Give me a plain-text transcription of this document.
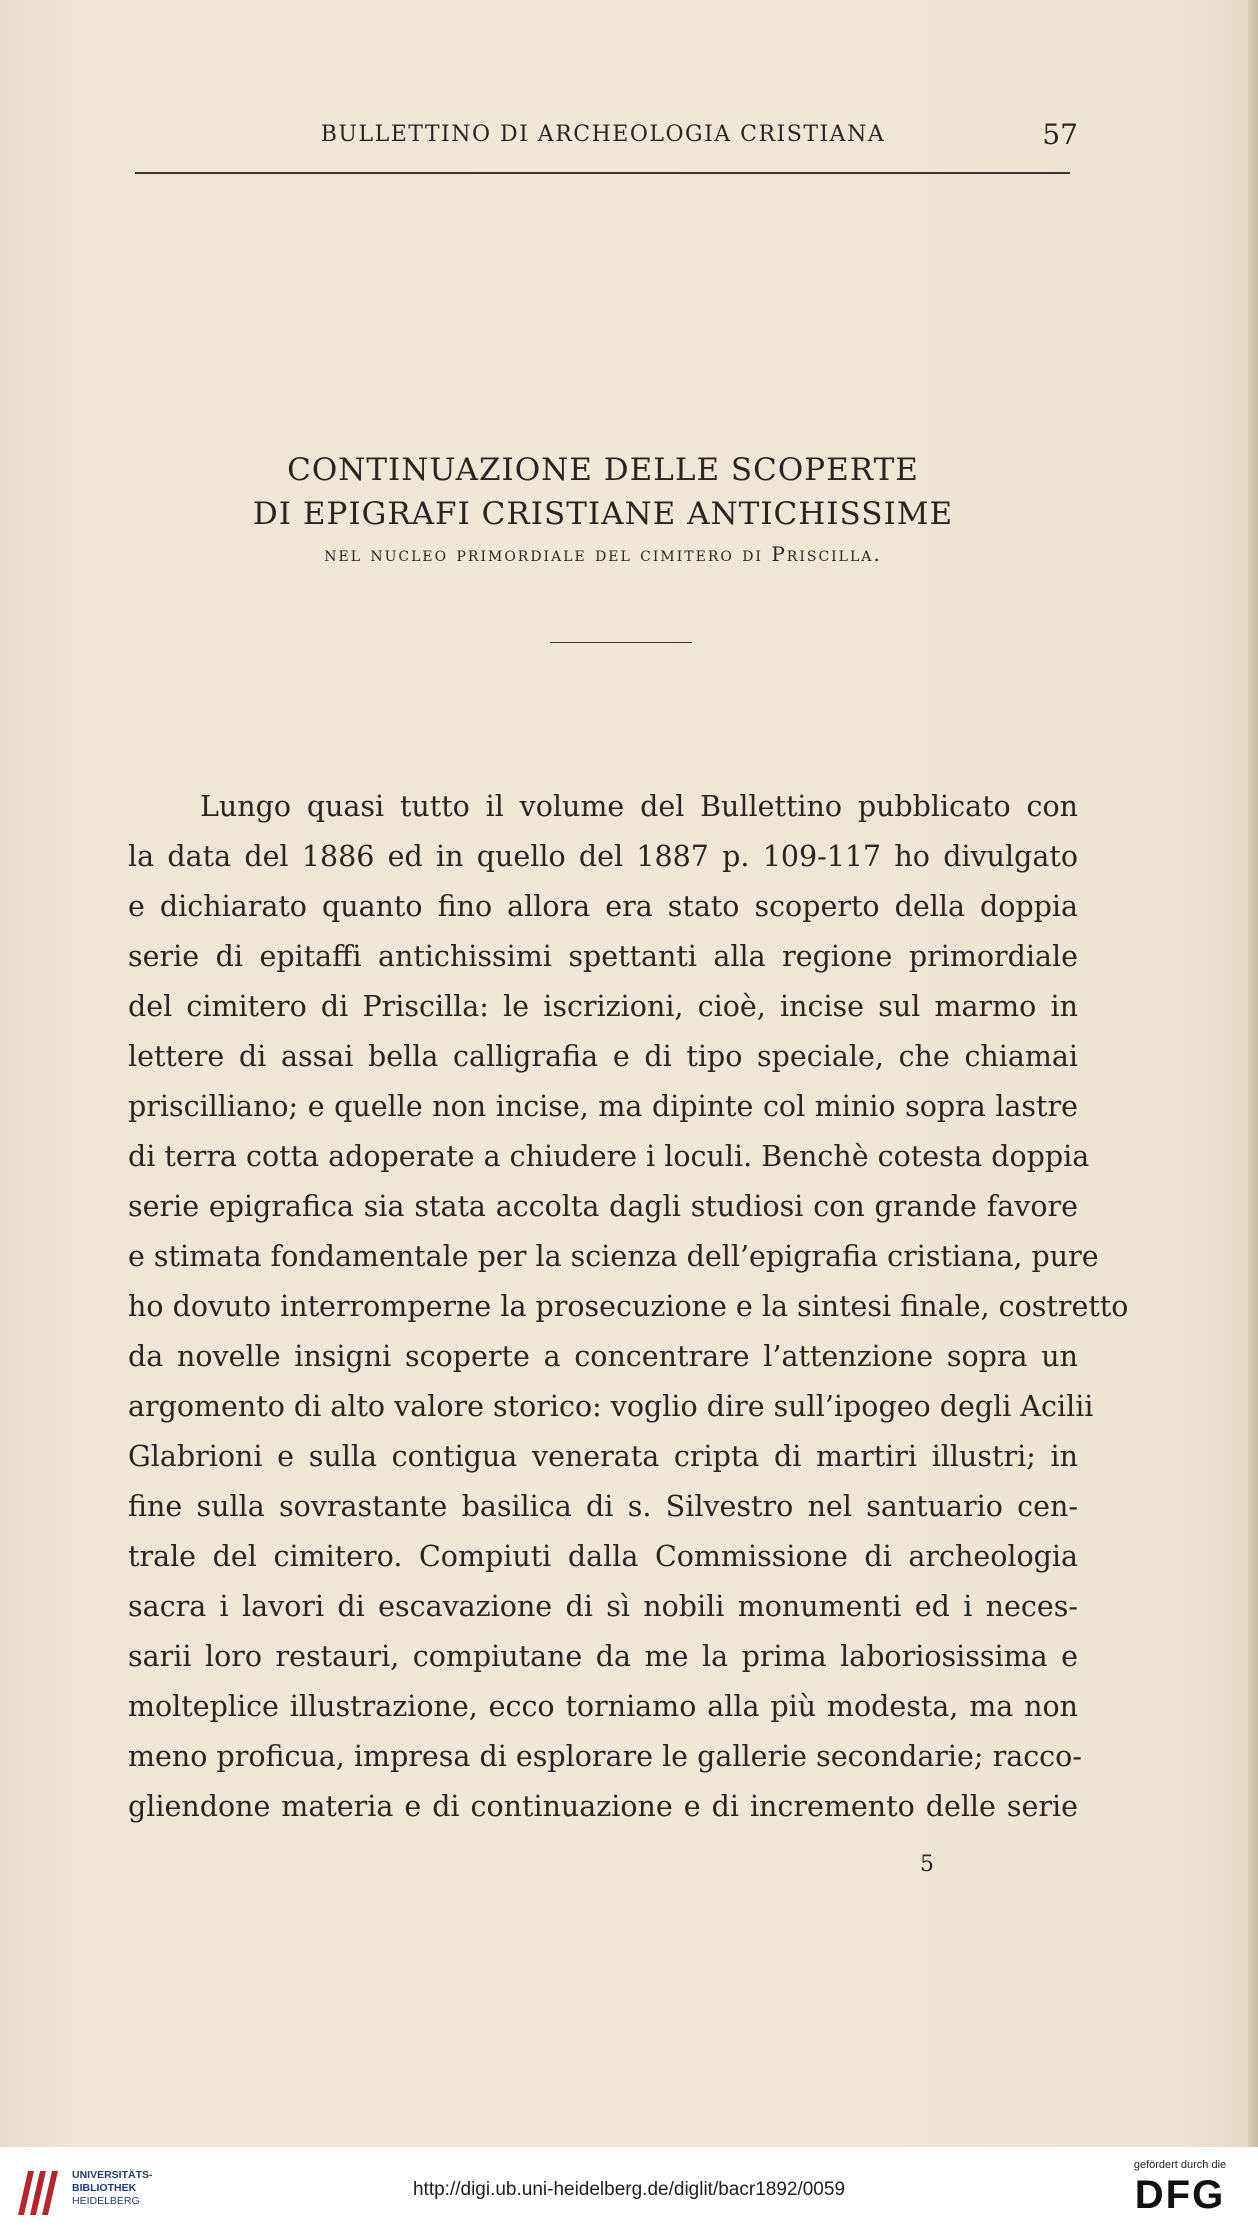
BULLETTINO DI ARCHEOLOGIA CRISTIANA	57
CONTINUAZIONE DELLE SCOPERTE
DI EPIGRAFI CRISTIANE ANTICHISSIME
nel nucleo primordiale del cimitero di Priscilla.
Lungo quasi tutto il volume del Bullettino pubblicato con
la data del 1886 ed in quello del 1887 p. 109-117 ho divulgato
e dichiarato quanto fino allora era stato scoperto della doppia
serie di epitaffi antichissimi spettanti alla regione primordiale
del cimitero di Priscilla: le iscrizioni, cioè, incise sul marmo in
lettere di assai bella calligrafia e di tipo speciale, che chiamai
priscilliano; e quelle non incise, ma dipinte col minio sopra lastre
di terra cotta adoperate a chiudere i loculi. Benchè cotesta doppia
serie epigrafica sia stata accolta dagli studiosi con grande favore
e stimata fondamentale per la scienza dell’epigrafia cristiana, pure
ho dovuto interromperne la prosecuzione e la sintesi finale, costretto
da novelle insigni scoperte a concentrare l’attenzione sopra un
argomento di alto valore storico: voglio dire sull’ipogeo degli Acilii
Glabrioni e sulla contigua venerata cripta di martiri illustri; in
fine sulla sovrastante basilica di s. Silvestro nel santuario cen-
trale del cimitero. Compiuti dalla Commissione di archeologia
sacra i lavori di escavazione di sì nobili monumenti ed i neces-
sarii loro restauri, compiutane da me la prima laboriosissima e
molteplice illustrazione, ecco torniamo alla più modesta, ma non
meno proficua, impresa di esplorare le gallerie secondarie; racco-
gliendone materia e di continuazione e di incremento delle serie
5
UNIVERSITÄTS-
BIBLIOTHEK
HEIDELBERG
http://digi.ub.uni-heidelberg.de/diglit/bacr1892/0059
gefördert durch die
DFG
